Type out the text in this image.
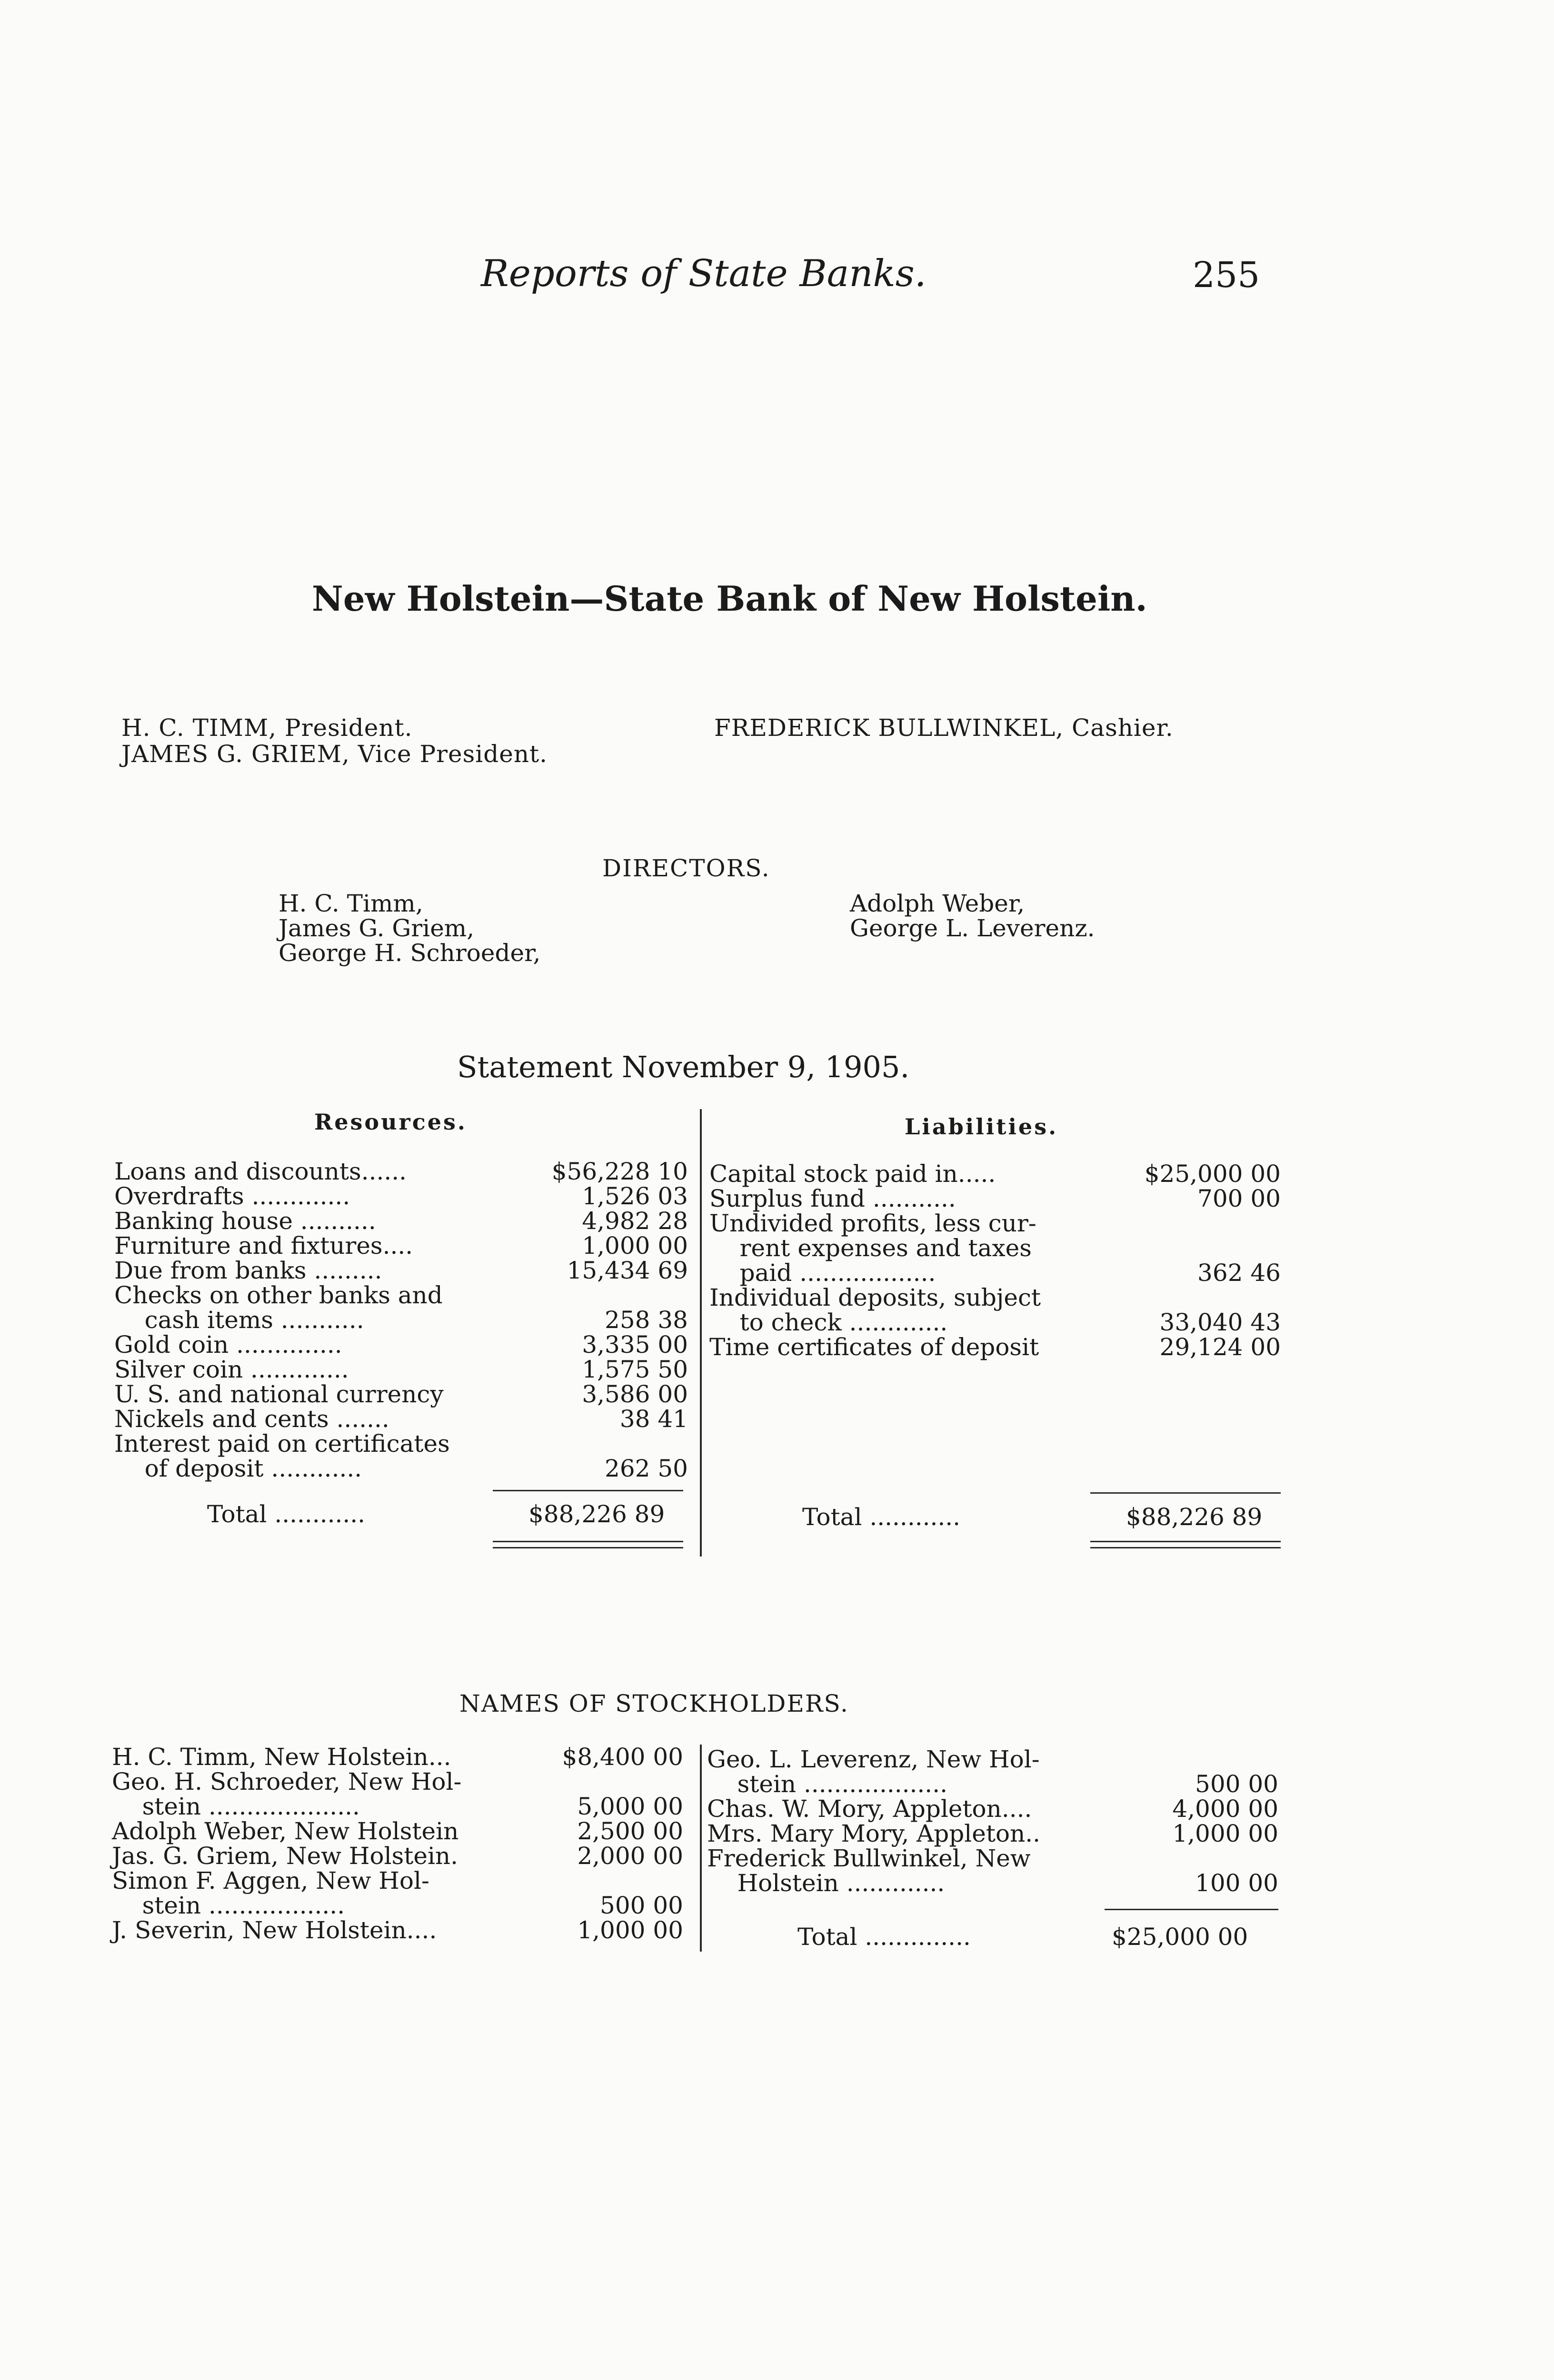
Reports of State Banks.	255
New Holstein—State Bank of New Holstein.
H. C. TIMM, President.
JAMES G. GRIEM, Vice President.
FREDERICK BULLWINKEL, Cashier.
DIRECTORS.
H. C. Timm,
James G. Griem,
George H. Schroeder,
Adolph Weber,
George L. Leverenz.
Statement November 9, 1905.
Resources.	Liabilities.
Loans and discounts......	$56,228 10
Overdrafts .............	1,526 03
Banking house ..........	4,982 28
Furniture and fixtures....	1,000 00
Due from banks .........	15,434 69
Checks on other banks and
cash items ...........	258 38
Gold coin ..............	3,335 00
Silver coin .............	1,575 50
U. S. and national currency	3,586 00
Nickels and cents .......	38 41
Interest paid on certificates
of deposit ............	262 50
Total ............	$88,226 89
Capital stock paid in.....	$25,000 00
Surplus fund ...........	700 00
Undivided profits, less cur-
rent expenses and taxes
paid ..................	362 46
Individual deposits, subject
to check .............	33,040 43
Time certificates of deposit	29,124 00
Total ............	$88,226 89
NAMES OF STOCKHOLDERS.
H. C. Timm, New Holstein...	$8,400 00
Geo. H. Schroeder, New Hol-
stein ....................	5,000 00
Adolph Weber, New Holstein	2,500 00
Jas. G. Griem, New Holstein.	2,000 00
Simon F. Aggen, New Hol-
stein ..................	500 00
J. Severin, New Holstein....	1,000 00
Geo. L. Leverenz, New Hol-
stein ...................	500 00
Chas. W. Mory, Appleton....	4,000 00
Mrs. Mary Mory, Appleton..	1,000 00
Frederick Bullwinkel, New
Holstein .............	100 00
Total ..............	$25,000 00
